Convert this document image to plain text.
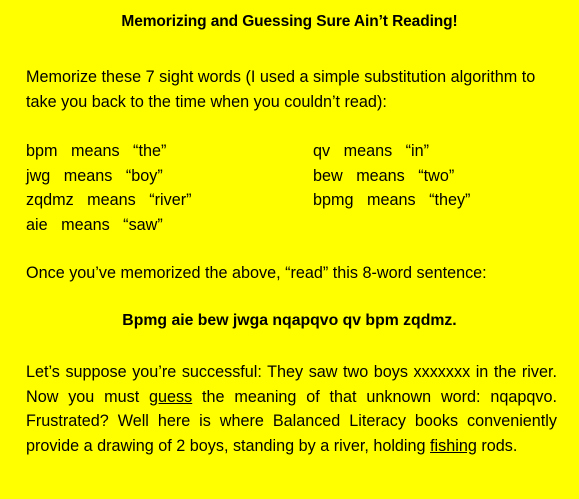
Memorizing and Guessing Sure Ain’t Reading!
Memorize these 7 sight words (I used a simple substitution algorithm to take you back to the time when you couldn’t read):
bpm   means   “the”
jwg   means   “boy”
zqdmz   means   “river”
aie   means   “saw”
qv   means   “in”
bew   means   “two”
bpmg   means   “they”
Once you’ve memorized the above, “read” this 8-word sentence:
Bpmg aie bew jwga nqapqvo qv bpm zqdmz.
Let’s suppose you’re successful: They saw two boys xxxxxxx in the river. Now you must guess the meaning of that unknown word: nqapqvo. Frustrated? Well here is where Balanced Literacy books conveniently provide a drawing of 2 boys, standing by a river, holding fishing rods.
